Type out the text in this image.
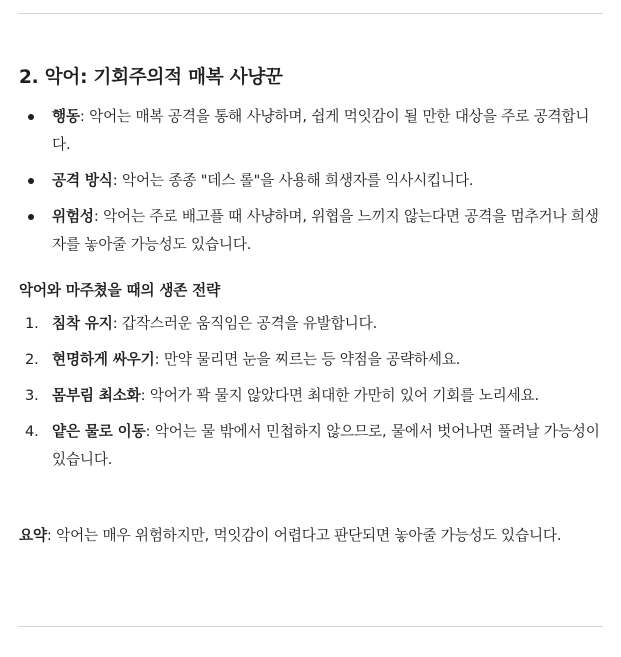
2. 악어: 기회주의적 매복 사냥꾼
행동: 악어는 매복 공격을 통해 사냥하며, 쉽게 먹잇감이 될 만한 대상을 주로 공격합니다.
공격 방식: 악어는 종종 "데스 롤"을 사용해 희생자를 익사시킵니다.
위험성: 악어는 주로 배고플 때 사냥하며, 위협을 느끼지 않는다면 공격을 멈추거나 희생자를 놓아줄 가능성도 있습니다.

악어와 마주쳤을 때의 생존 전략

1. 침착 유지: 갑작스러운 움직임은 공격을 유발합니다.
2. 현명하게 싸우기: 만약 물리면 눈을 찌르는 등 약점을 공략하세요.
3. 몸부림 최소화: 악어가 꽉 물지 않았다면 최대한 가만히 있어 기회를 노리세요.
4. 얕은 물로 이동: 악어는 물 밖에서 민첩하지 않으므로, 물에서 벗어나면 풀려날 가능성이 있습니다.

요약: 악어는 매우 위험하지만, 먹잇감이 어렵다고 판단되면 놓아줄 가능성도 있습니다.
